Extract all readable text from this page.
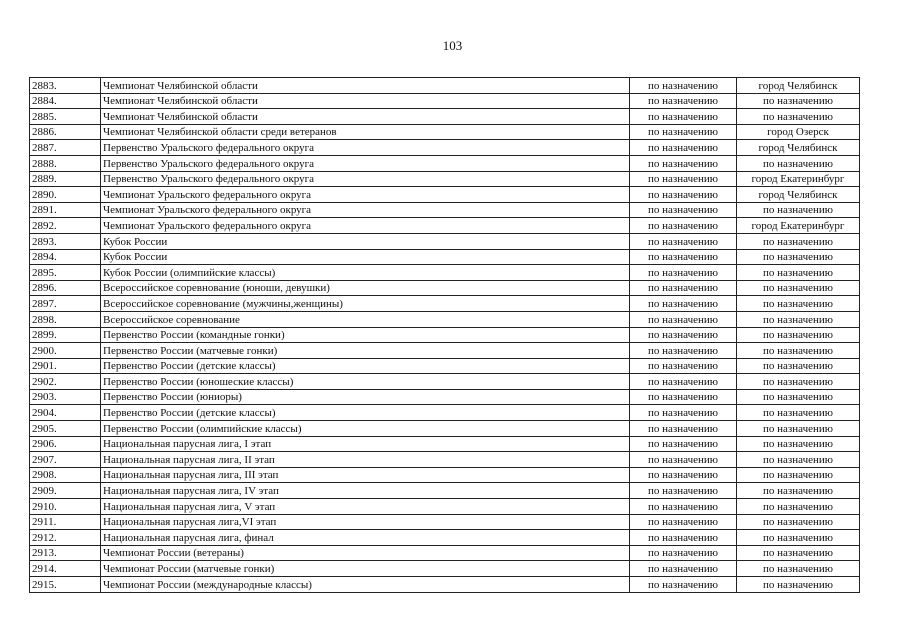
103
2883.	Чемпионат Челябинской области	по назначению	город Челябинск
2884.	Чемпионат Челябинской области	по назначению	по назначению
2885.	Чемпионат Челябинской области	по назначению	по назначению
2886.	Чемпионат Челябинской области среди ветеранов	по назначению	город Озерск
2887.	Первенство Уральского федерального округа	по назначению	город Челябинск
2888.	Первенство Уральского федерального округа	по назначению	по назначению
2889.	Первенство Уральского федерального округа	по назначению	город Екатеринбург
2890.	Чемпионат Уральского федерального округа	по назначению	город Челябинск
2891.	Чемпионат Уральского федерального округа	по назначению	по назначению
2892.	Чемпионат Уральского федерального округа	по назначению	город Екатеринбург
2893.	Кубок России	по назначению	по назначению
2894.	Кубок России	по назначению	по назначению
2895.	Кубок России (олимпийские классы)	по назначению	по назначению
2896.	Всероссийское соревнование (юноши, девушки)	по назначению	по назначению
2897.	Всероссийское соревнование (мужчины,женщины)	по назначению	по назначению
2898.	Всероссийское соревнование	по назначению	по назначению
2899.	Первенство России (командные гонки)	по назначению	по назначению
2900.	Первенство России (матчевые гонки)	по назначению	по назначению
2901.	Первенство России (детские классы)	по назначению	по назначению
2902.	Первенство России (юношеские классы)	по назначению	по назначению
2903.	Первенство России (юниоры)	по назначению	по назначению
2904.	Первенство России (детские классы)	по назначению	по назначению
2905.	Первенство России (олимпийские классы)	по назначению	по назначению
2906.	Национальная парусная лига, I этап	по назначению	по назначению
2907.	Национальная парусная лига, II этап	по назначению	по назначению
2908.	Национальная парусная лига, III этап	по назначению	по назначению
2909.	Национальная парусная лига, IV этап	по назначению	по назначению
2910.	Национальная парусная лига, V этап	по назначению	по назначению
2911.	Национальная парусная лига,VI этап	по назначению	по назначению
2912.	Национальная парусная лига, финал	по назначению	по назначению
2913.	Чемпионат России (ветераны)	по назначению	по назначению
2914.	Чемпионат России (матчевые гонки)	по назначению	по назначению
2915.	Чемпионат России (международные классы)	по назначению	по назначению
